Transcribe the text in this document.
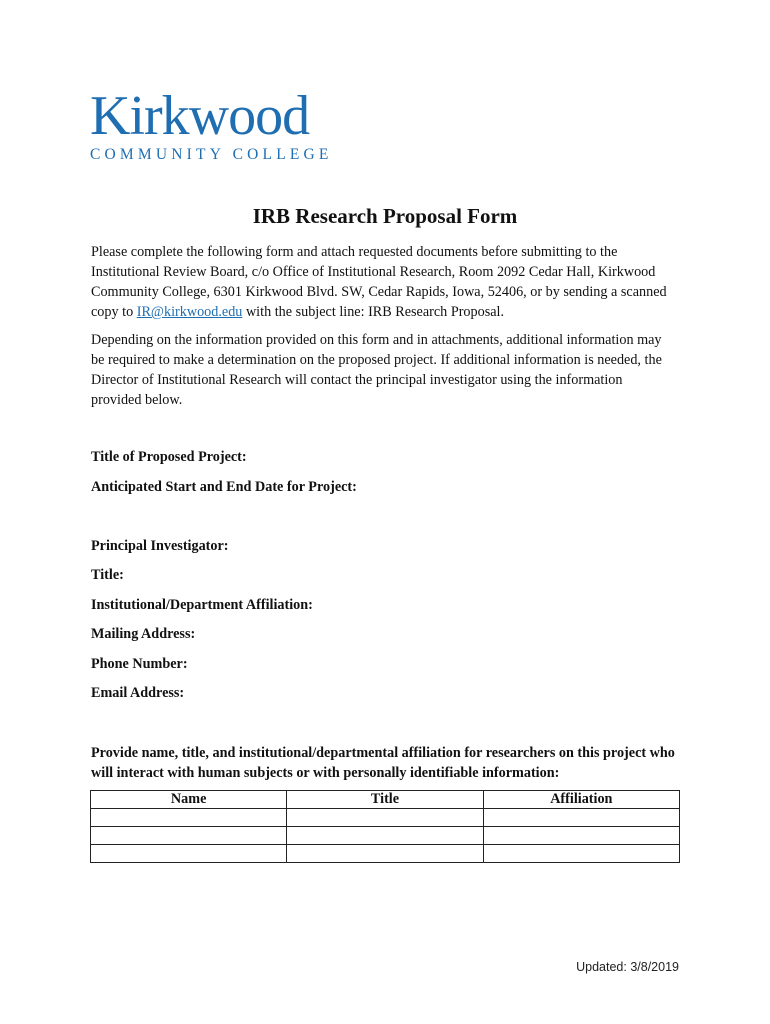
Kirkwood
COMMUNITY COLLEGE
IRB Research Proposal Form

Please complete the following form and attach requested documents before submitting to the Institutional Review Board, c/o Office of Institutional Research, Room 2092 Cedar Hall, Kirkwood Community College, 6301 Kirkwood Blvd. SW, Cedar Rapids, Iowa, 52406, or by sending a scanned copy to IR@kirkwood.edu with the subject line: IRB Research Proposal.

Depending on the information provided on this form and in attachments, additional information may be required to make a determination on the proposed project. If additional information is needed, the Director of Institutional Research will contact the principal investigator using the information provided below.

Title of Proposed Project:

Anticipated Start and End Date for Project:

Principal Investigator:

Title:

Institutional/Department Affiliation:

Mailing Address:

Phone Number:

Email Address:

Provide name, title, and institutional/departmental affiliation for researchers on this project who will interact with human subjects or with personally identifiable information:

Name	Title	Affiliation

Updated: 3/8/2019
